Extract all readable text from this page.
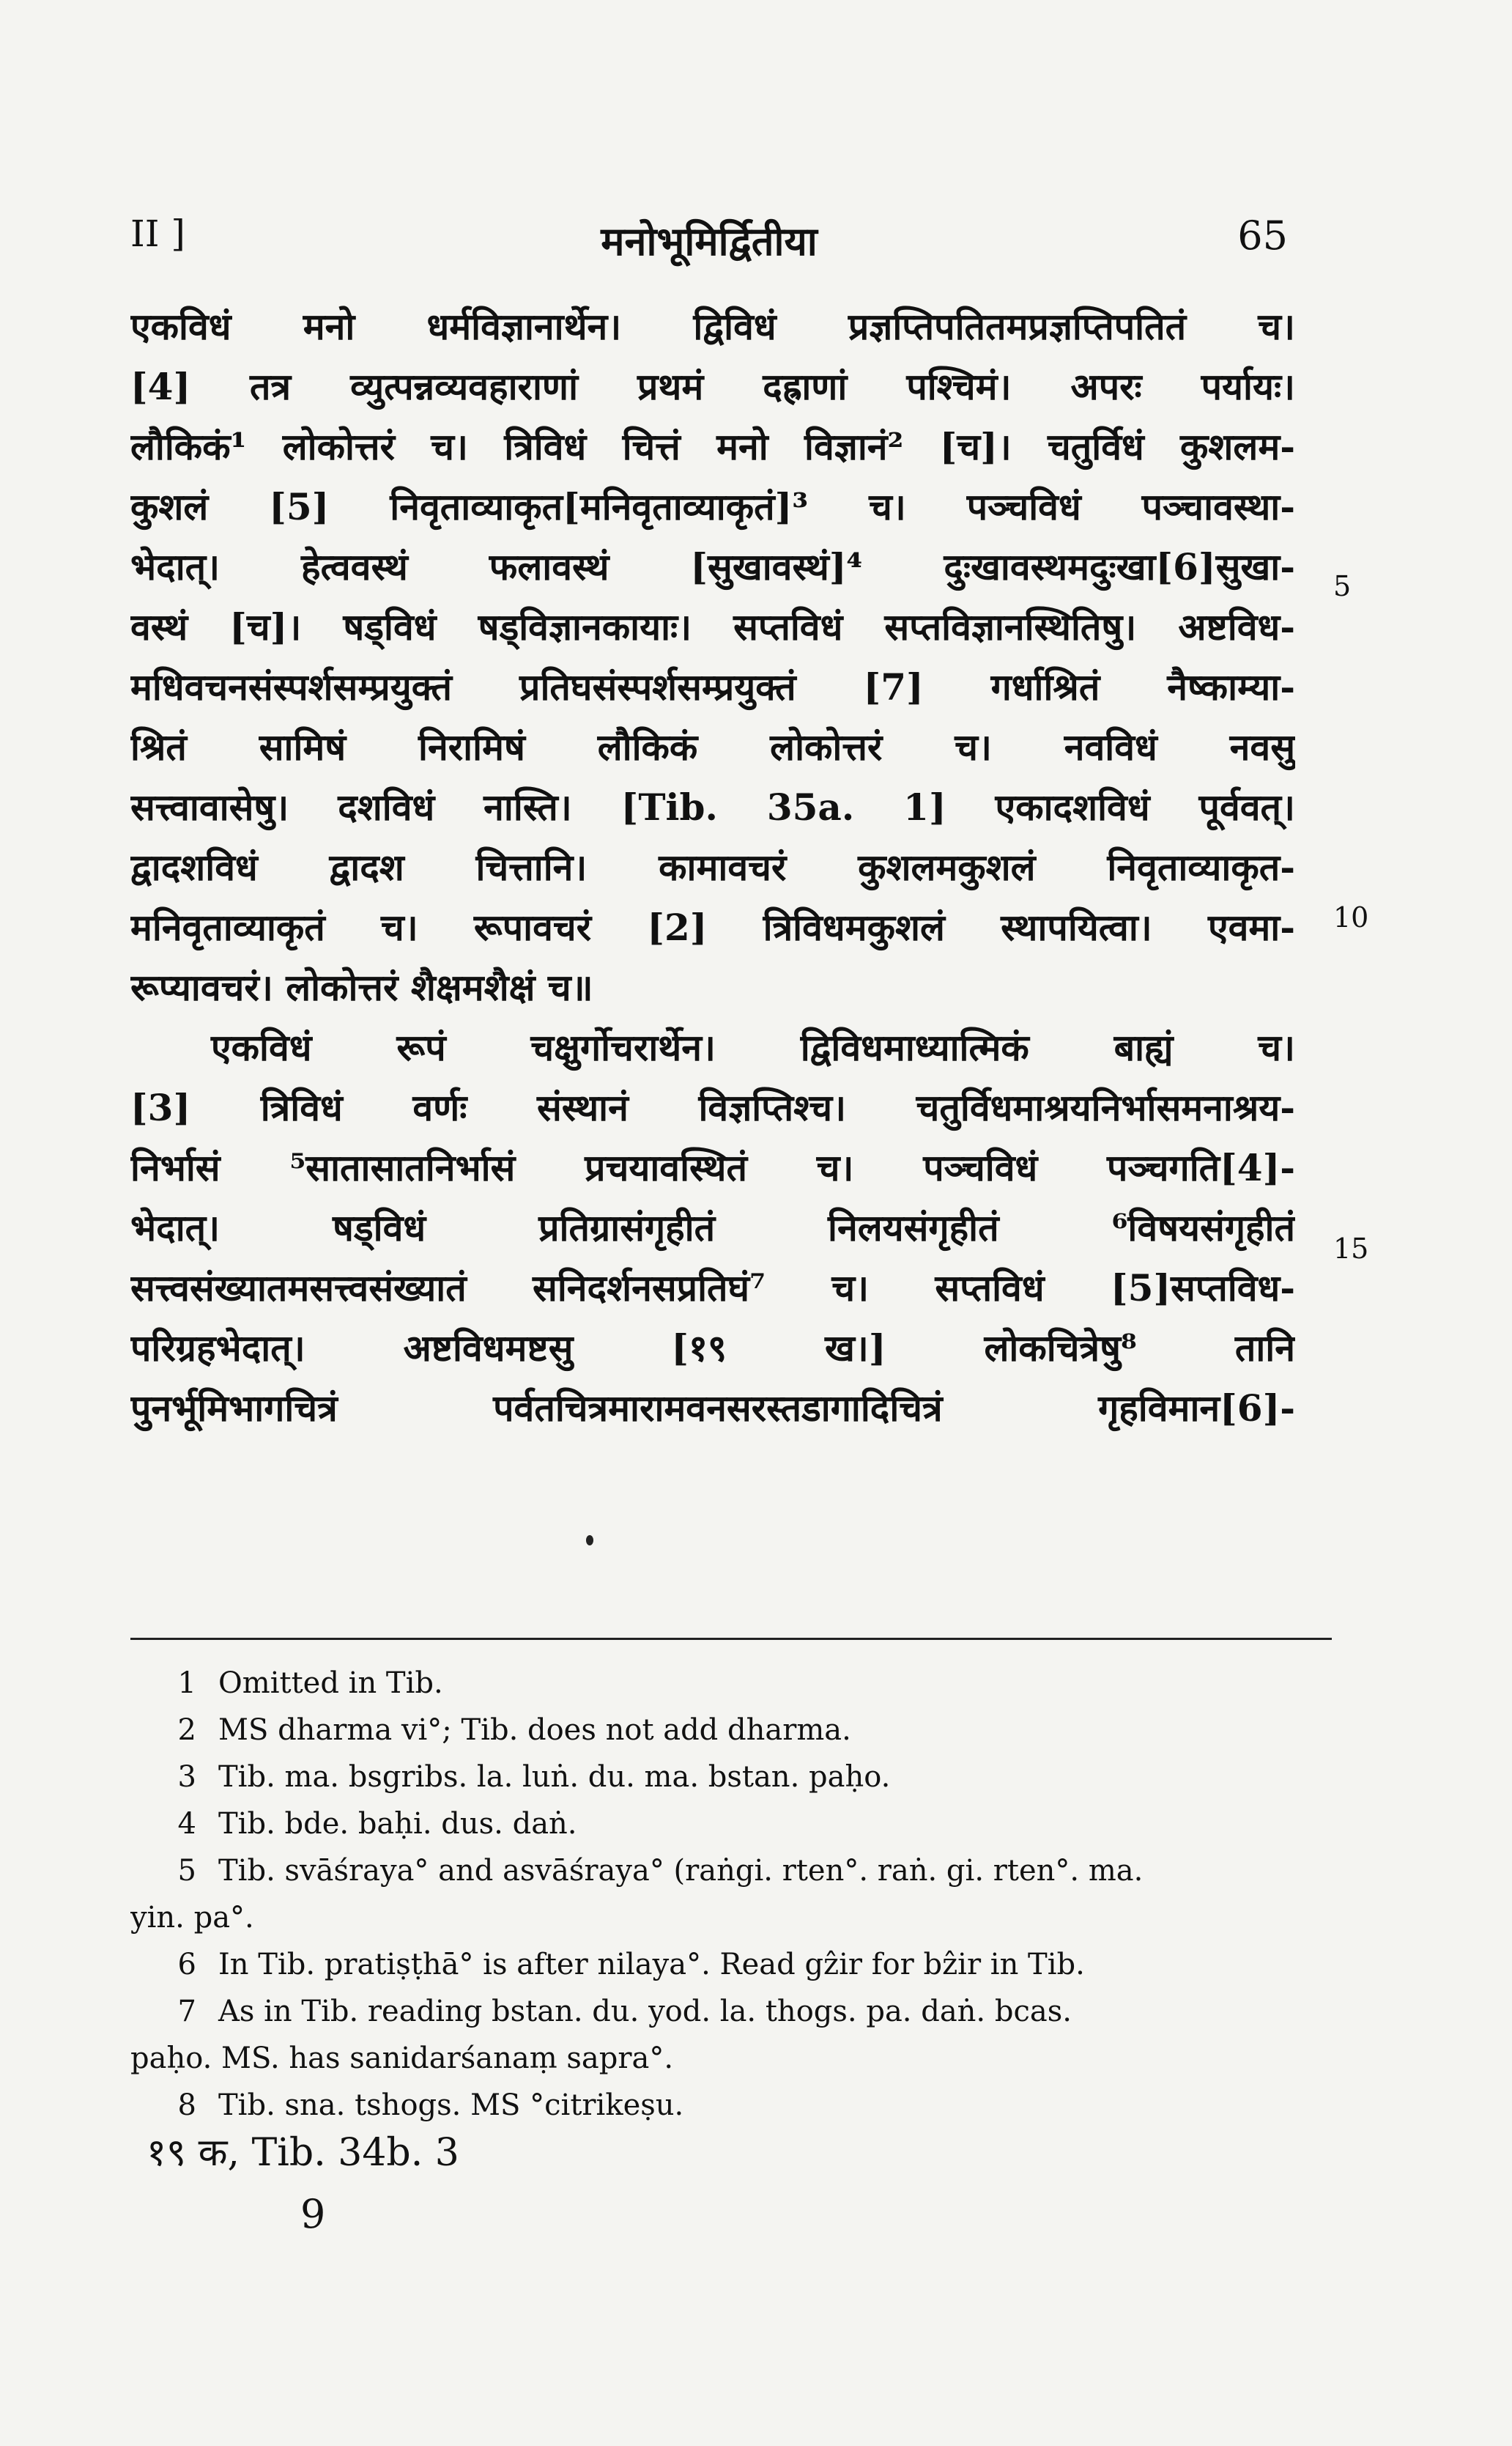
II ]	मनोभूमिर्द्वितीया	65
एकविधं मनो धर्मविज्ञानार्थेन। द्विविधं प्रज्ञप्तिपतितमप्रज्ञप्तिपतितं च।
[4] तत्र व्युत्पन्नव्यवहाराणां प्रथमं दह्राणां पश्चिमं। अपरः पर्यायः।
लौकिकं¹ लोकोत्तरं च। त्रिविधं चित्तं मनो विज्ञानं² [च]। चतुर्विधं कुशलम-
कुशलं [5] निवृताव्याकृत[मनिवृताव्याकृतं]³ च। पञ्चविधं पञ्चावस्था-
भेदात्। हेत्ववस्थं फलावस्थं [सुखावस्थं]⁴ दुःखावस्थमदुःखा[6]सुखा-
वस्थं [च]। षड्विधं षड्विज्ञानकायाः। सप्तविधं सप्तविज्ञानस्थितिषु। अष्टविध-
मधिवचनसंस्पर्शसम्प्रयुक्तं प्रतिघसंस्पर्शसम्प्रयुक्तं [7] गर्धाश्रितं नैष्काम्या-
श्रितं सामिषं निरामिषं लौकिकं लोकोत्तरं च। नवविधं नवसु
सत्त्वावासेषु। दशविधं नास्ति। [Tib. 35a. 1] एकादशविधं पूर्ववत्।
द्वादशविधं द्वादश चित्तानि। कामावचरं कुशलमकुशलं निवृताव्याकृत-
मनिवृताव्याकृतं च। रूपावचरं [2] त्रिविधमकुशलं स्थापयित्वा। एवमा-
रूप्यावचरं। लोकोत्तरं शैक्षमशैक्षं च॥
एकविधं रूपं चक्षुर्गोचरार्थेन। द्विविधमाध्यात्मिकं बाह्यं च।
[3] त्रिविधं वर्णः संस्थानं विज्ञप्तिश्च। चतुर्विधमाश्रयनिर्भासमनाश्रय-
निर्भासं ⁵सातासातनिर्भासं प्रचयावस्थितं च। पञ्चविधं पञ्चगति[4]-
भेदात्। षड्विधं प्रतिग्रासंगृहीतं निलयसंगृहीतं ⁶विषयसंगृहीतं
सत्त्वसंख्यातमसत्त्वसंख्यातं सनिदर्शनसप्रतिघं⁷ च। सप्तविधं [5]सप्तविध-
परिग्रहभेदात्। अष्टविधमष्टसु [१९ ख।] लोकचित्रेषु⁸ तानि
पुनर्भूमिभागचित्रं पर्वतचित्रमारामवनसरस्तडागादिचित्रं गृहविमान[6]-
5
10
15
1 Omitted in Tib.
2 MS dharma vi°; Tib. does not add dharma.
3 Tib. ma. bsgribs. la. luṅ. du. ma. bstan. paḥo.
4 Tib. bde. baḥi. dus. daṅ.
5 Tib. svāśraya° and asvāśraya° (raṅgi. rten°. raṅ. gi. rten°. ma.
yin. pa°.
6 In Tib. pratiṣṭhā° is after nilaya°. Read gẑir for bẑir in Tib.
7 As in Tib. reading bstan. du. yod. la. thogs. pa. daṅ. bcas.
paḥo. MS. has sanidarśanaṃ sapra°.
8 Tib. sna. tshogs. MS °citrikeṣu.
१९ क, Tib. 34b. 3
9
